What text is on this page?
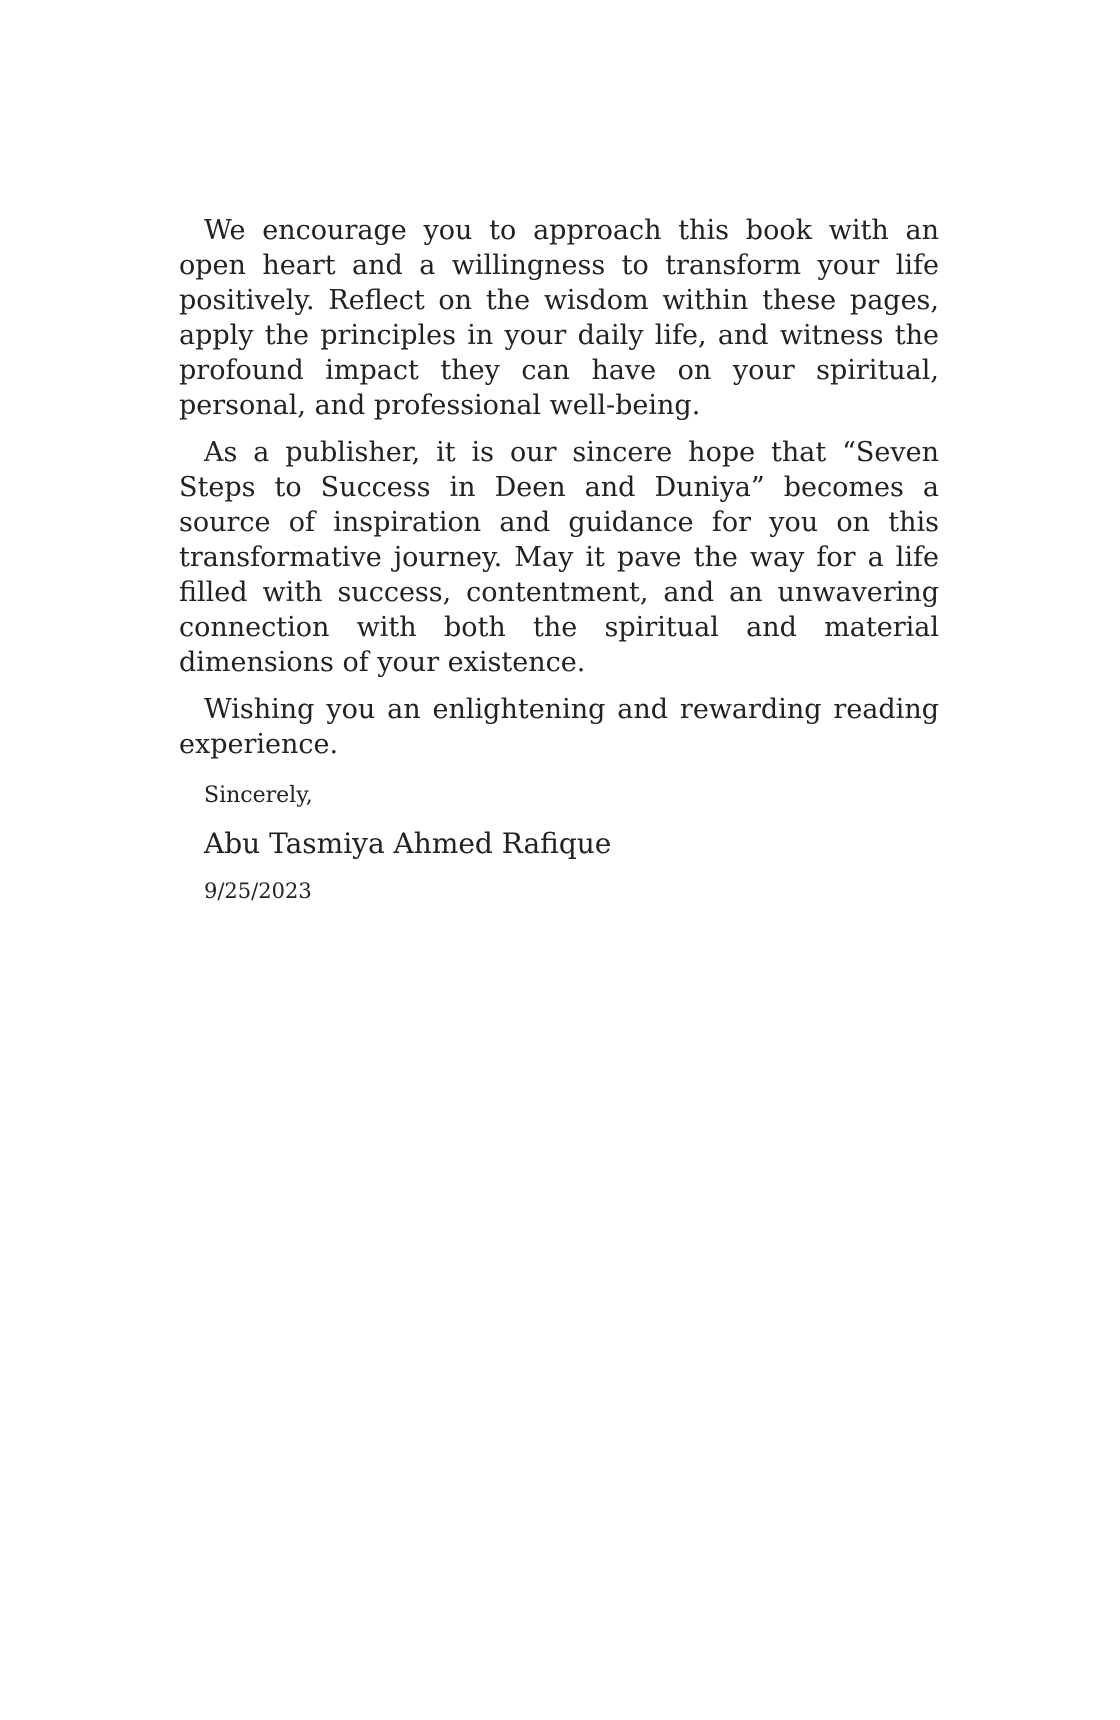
We encourage you to approach this book with an open heart and a willingness to transform your life positively. Reflect on the wisdom within these pages, apply the principles in your daily life, and witness the profound impact they can have on your spiritual, personal, and professional well-being.

As a publisher, it is our sincere hope that “Seven Steps to Success in Deen and Duniya” becomes a source of inspiration and guidance for you on this transformative journey. May it pave the way for a life filled with success, contentment, and an unwavering connection with both the spiritual and material dimensions of your existence.

Wishing you an enlightening and rewarding reading experience.

Sincerely,

Abu Tasmiya Ahmed Rafique

9/25/2023
